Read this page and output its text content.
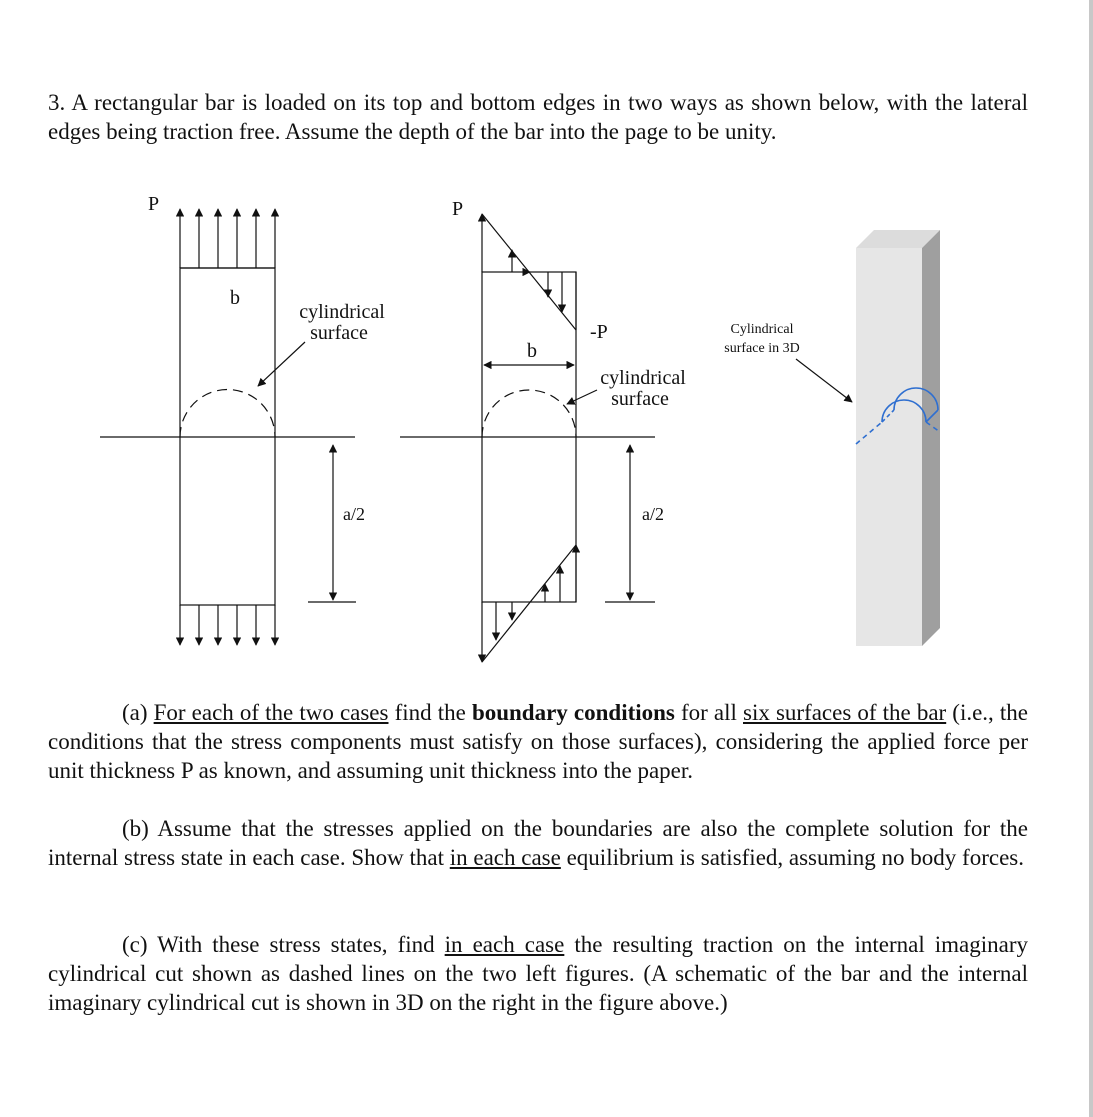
3. A rectangular bar is loaded on its top and bottom edges in two ways as shown below, with the lateral edges being traction free. Assume the depth of the bar into the page to be unity.

P
b
cylindrical
surface
a/2
P
-P
b
cylindrical
surface
a/2
Cylindrical
surface in 3D

(a) For each of the two cases find the boundary conditions for all six surfaces of the bar (i.e., the conditions that the stress components must satisfy on those surfaces), considering the applied force per unit thickness P as known, and assuming unit thickness into the paper.

(b) Assume that the stresses applied on the boundaries are also the complete solution for the internal stress state in each case. Show that in each case equilibrium is satisfied, assuming no body forces.

(c) With these stress states, find in each case the resulting traction on the internal imaginary cylindrical cut shown as dashed lines on the two left figures. (A schematic of the bar and the internal imaginary cylindrical cut is shown in 3D on the right in the figure above.)
